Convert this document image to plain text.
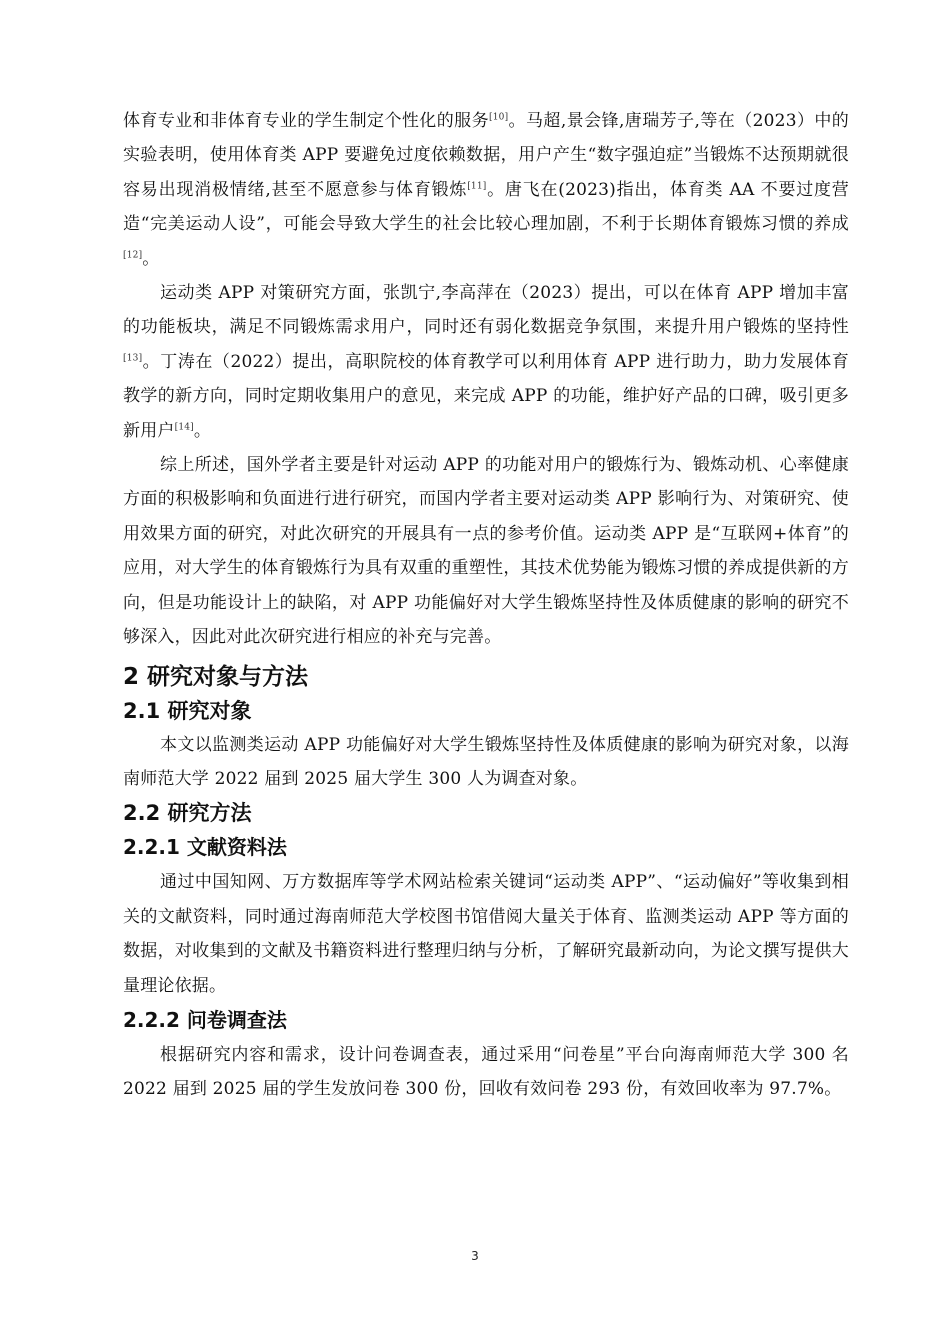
体育专业和非体育专业的学生制定个性化的服务[10]。马超,景会锋,唐瑞芳子,等在（2023）中的实验表明，使用体育类 APP 要避免过度依赖数据，用户产生“数字强迫症”当锻炼不达预期就很容易出现消极情绪,甚至不愿意参与体育锻炼[11]。唐飞在(2023)指出，体育类 AA 不要过度营造“完美运动人设”，可能会导致大学生的社会比较心理加剧，不利于长期体育锻炼习惯的养成[12]。

运动类 APP 对策研究方面，张凯宁,李高萍在（2023）提出，可以在体育 APP 增加丰富的功能板块，满足不同锻炼需求用户，同时还有弱化数据竞争氛围，来提升用户锻炼的坚持性[13]。丁涛在（2022）提出，高职院校的体育教学可以利用体育 APP 进行助力，助力发展体育教学的新方向，同时定期收集用户的意见，来完成 APP 的功能，维护好产品的口碑，吸引更多新用户[14]。

综上所述，国外学者主要是针对运动 APP 的功能对用户的锻炼行为、锻炼动机、心率健康方面的积极影响和负面进行进行研究，而国内学者主要对运动类 APP 影响行为、对策研究、使用效果方面的研究，对此次研究的开展具有一点的参考价值。运动类 APP 是“互联网+体育”的应用，对大学生的体育锻炼行为具有双重的重塑性，其技术优势能为锻炼习惯的养成提供新的方向，但是功能设计上的缺陷，对 APP 功能偏好对大学生锻炼坚持性及体质健康的影响的研究不够深入，因此对此次研究进行相应的补充与完善。

2 研究对象与方法
2.1 研究对象

本文以监测类运动 APP 功能偏好对大学生锻炼坚持性及体质健康的影响为研究对象，以海南师范大学 2022 届到 2025 届大学生 300 人为调查对象。

2.2 研究方法
2.2.1 文献资料法

通过中国知网、万方数据库等学术网站检索关键词“运动类 APP”、“运动偏好”等收集到相关的文献资料，同时通过海南师范大学校图书馆借阅大量关于体育、监测类运动 APP 等方面的数据，对收集到的文献及书籍资料进行整理归纳与分析，了解研究最新动向，为论文撰写提供大量理论依据。

2.2.2 问卷调查法

根据研究内容和需求，设计问卷调查表，通过采用“问卷星”平台向海南师范大学 300 名 2022 届到 2025 届的学生发放问卷 300 份，回收有效问卷 293 份，有效回收率为 97.7%。

3
